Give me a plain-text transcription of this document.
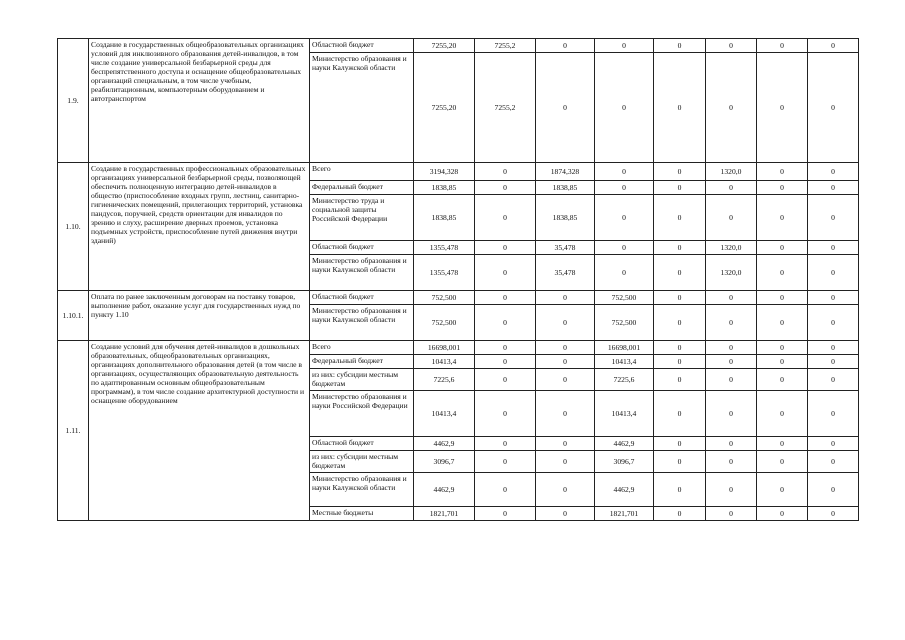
1.9.	Создание в государственных общеобразовательных организациях условий для инклюзивного образования детей-инвалидов, в том числе создание универсальной безбарьерной среды для беспрепятственного доступа и оснащение общеобразовательных организаций специальным, в том числе учебным, реабилитационным, компьютерным оборудованием и автотранспортом	Областной бюджет	7255,20	7255,2	0	0	0	0	0	0
		Министерство образования и науки Калужской области	7255,20	7255,2	0	0	0	0	0	0
1.10.	Создание в государственных профессиональных образовательных организациях универсальной безбарьерной среды, позволяющей обеспечить полноценную интеграцию детей-инвалидов в общество (приспособление входных групп, лестниц, санитарно-гигиенических помещений, прилегающих территорий, установка пандусов, поручней, средств ориентации для инвалидов по зрению и слуху, расширение дверных проемов, установка подъемных устройств, приспособление путей движения внутри зданий)	Всего	3194,328	0	1874,328	0	0	1320,0	0	0
		Федеральный бюджет	1838,85	0	1838,85	0	0	0	0	0
		Министерство труда и социальной защиты Российской Федерации	1838,85	0	1838,85	0	0	0	0	0
		Областной бюджет	1355,478	0	35,478	0	0	1320,0	0	0
		Министерство образования и науки Калужской области	1355,478	0	35,478	0	0	1320,0	0	0
1.10.1.	Оплата по ранее заключенным договорам на поставку товаров, выполнение работ, оказание услуг для государственных нужд по пункту 1.10	Областной бюджет	752,500	0	0	752,500	0	0	0	0
		Министерство образования и науки Калужской области	752,500	0	0	752,500	0	0	0	0
1.11.	Создание условий для обучения детей-инвалидов в дошкольных образовательных, общеобразовательных организациях, организациях дополнительного образования детей (в том числе в организациях, осуществляющих образовательную деятельность по адаптированным основным общеобразовательным программам), в том числе создание архитектурной доступности и оснащение оборудованием	Всего	16698,001	0	0	16698,001	0	0	0	0
		Федеральный бюджет	10413,4	0	0	10413,4	0	0	0	0
		из них: субсидии местным бюджетам	7225,6	0	0	7225,6	0	0	0	0
		Министерство образования и науки Российской Федерации	10413,4	0	0	10413,4	0	0	0	0
		Областной бюджет	4462,9	0	0	4462,9	0	0	0	0
		из них: субсидии местным бюджетам	3096,7	0	0	3096,7	0	0	0	0
		Министерство образования и науки Калужской области	4462,9	0	0	4462,9	0	0	0	0
		Местные бюджеты	1821,701	0	0	1821,701	0	0	0	0
